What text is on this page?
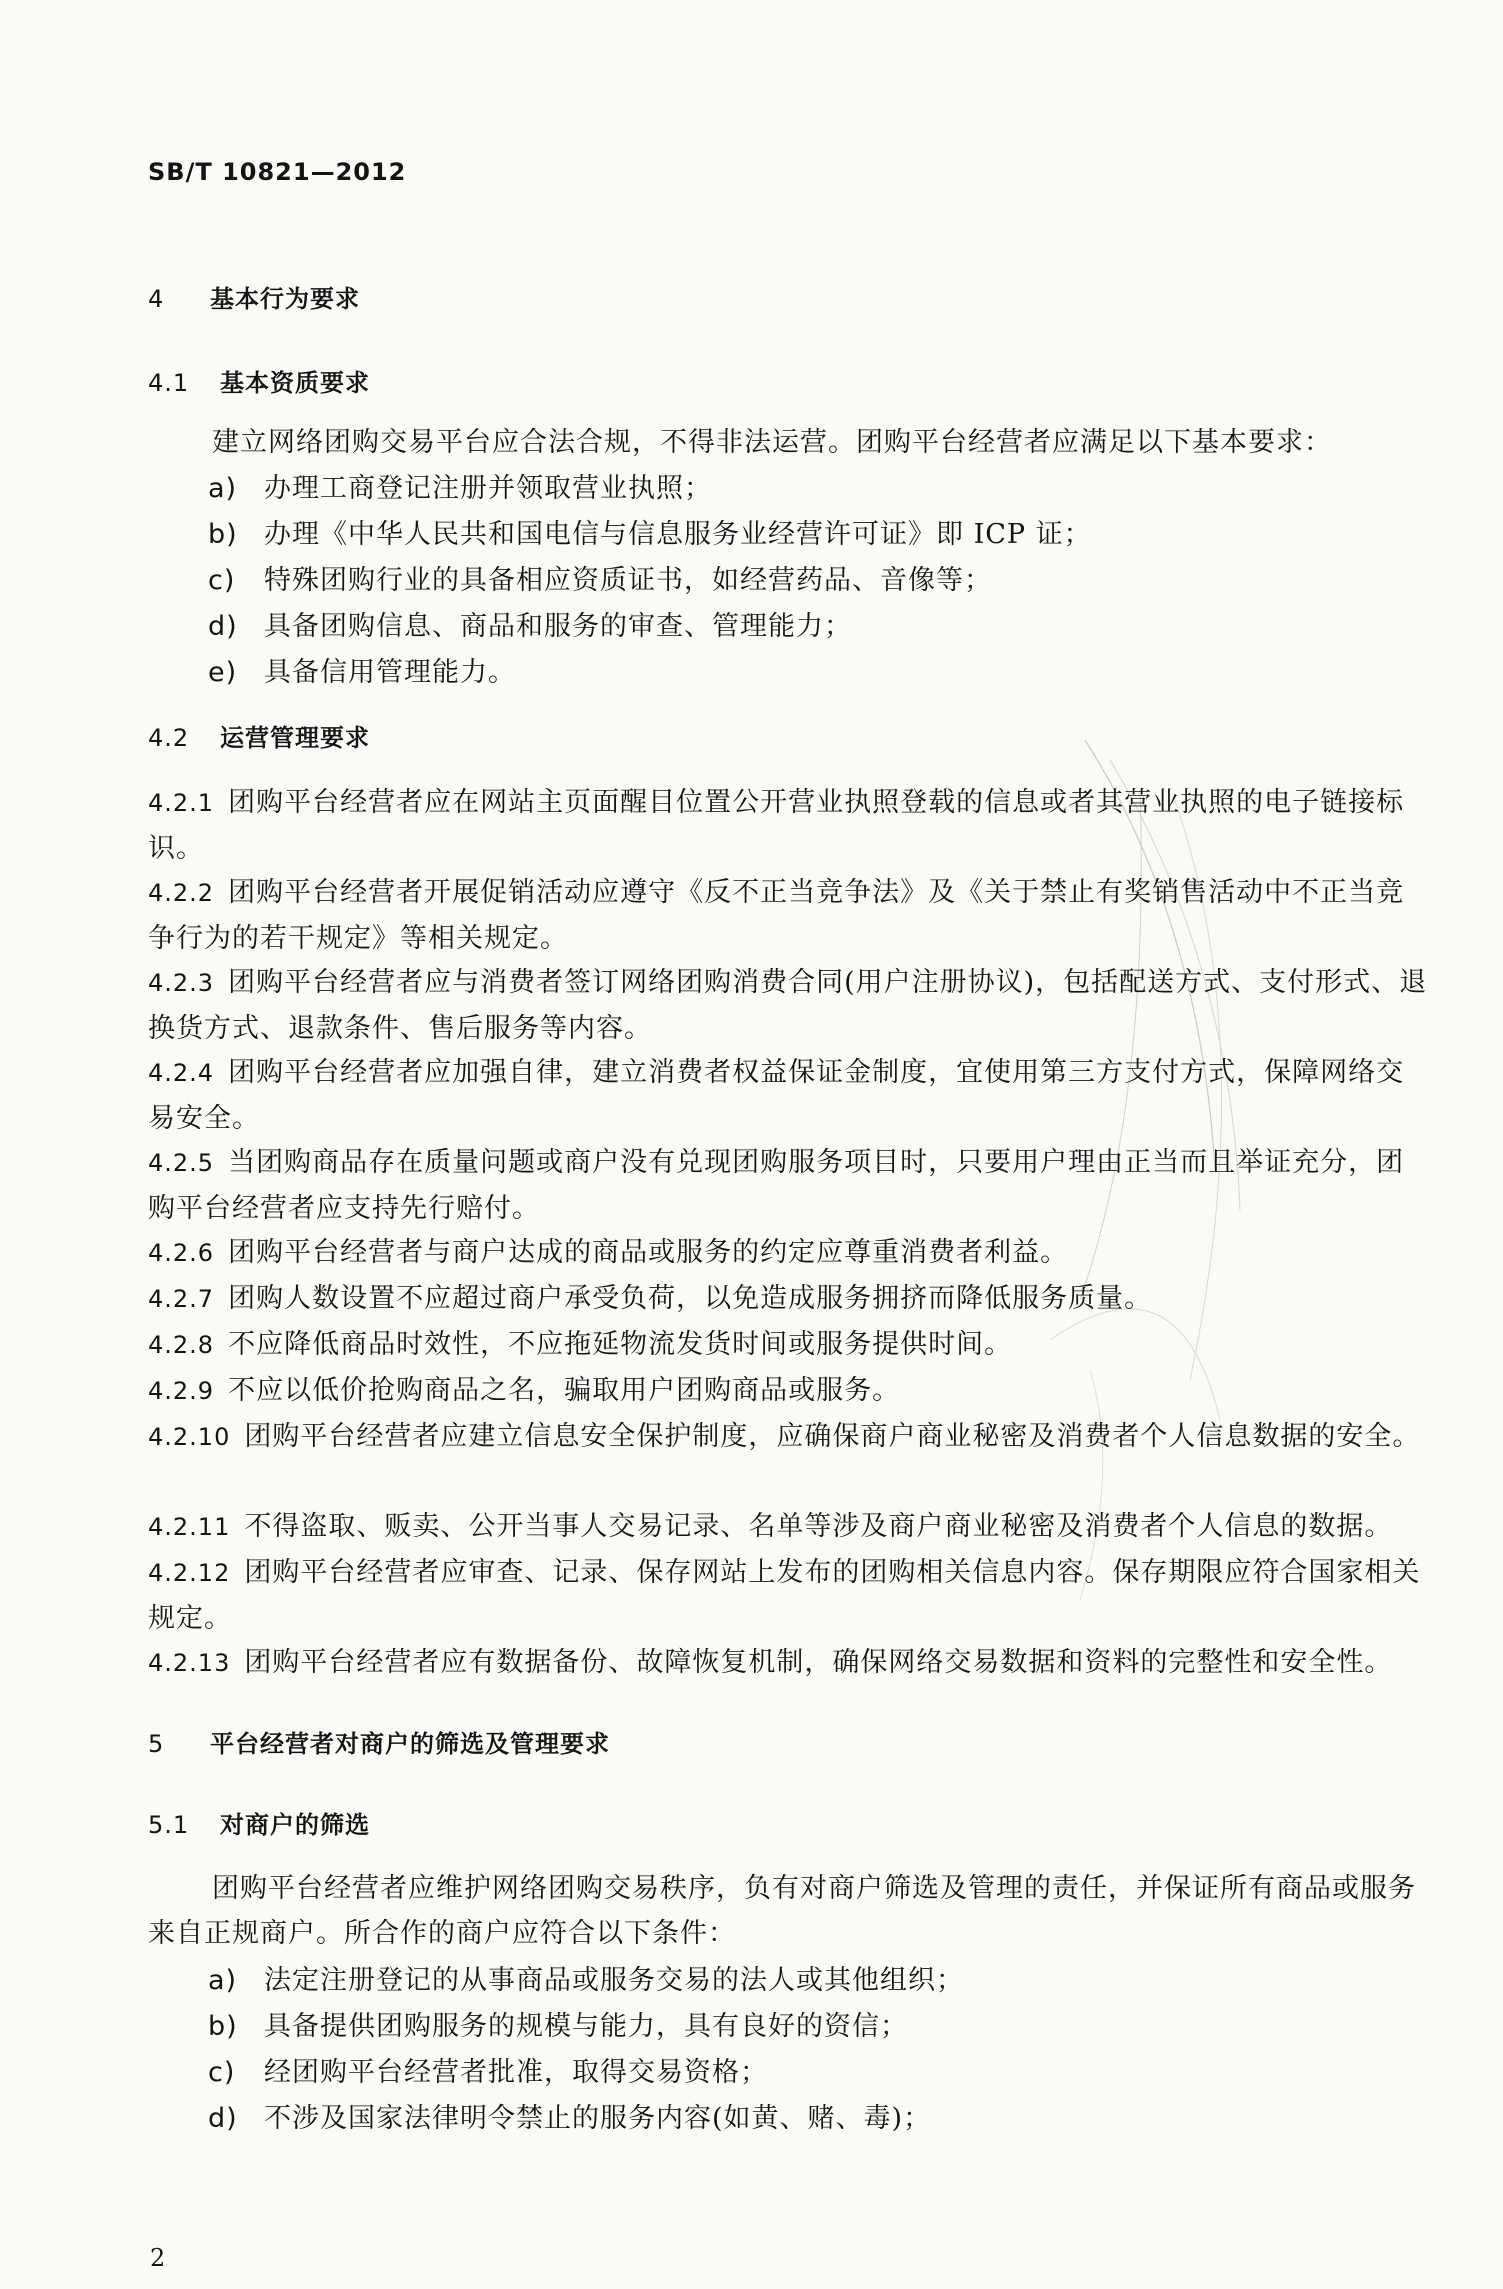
SB/T 10821—2012
4 基本行为要求
4.1 基本资质要求
建立网络团购交易平台应合法合规，不得非法运营。团购平台经营者应满足以下基本要求：
a) 办理工商登记注册并领取营业执照；
b) 办理《中华人民共和国电信与信息服务业经营许可证》即 ICP 证；
c) 特殊团购行业的具备相应资质证书，如经营药品、音像等；
d) 具备团购信息、商品和服务的审查、管理能力；
e) 具备信用管理能力。
4.2 运营管理要求
4.2.1 团购平台经营者应在网站主页面醒目位置公开营业执照登载的信息或者其营业执照的电子链接标识。
4.2.2 团购平台经营者开展促销活动应遵守《反不正当竞争法》及《关于禁止有奖销售活动中不正当竞争行为的若干规定》等相关规定。
4.2.3 团购平台经营者应与消费者签订网络团购消费合同(用户注册协议)，包括配送方式、支付形式、退换货方式、退款条件、售后服务等内容。
4.2.4 团购平台经营者应加强自律，建立消费者权益保证金制度，宜使用第三方支付方式，保障网络交易安全。
4.2.5 当团购商品存在质量问题或商户没有兑现团购服务项目时，只要用户理由正当而且举证充分，团购平台经营者应支持先行赔付。
4.2.6 团购平台经营者与商户达成的商品或服务的约定应尊重消费者利益。
4.2.7 团购人数设置不应超过商户承受负荷，以免造成服务拥挤而降低服务质量。
4.2.8 不应降低商品时效性，不应拖延物流发货时间或服务提供时间。
4.2.9 不应以低价抢购商品之名，骗取用户团购商品或服务。
4.2.10 团购平台经营者应建立信息安全保护制度，应确保商户商业秘密及消费者个人信息数据的安全。
4.2.11 不得盗取、贩卖、公开当事人交易记录、名单等涉及商户商业秘密及消费者个人信息的数据。
4.2.12 团购平台经营者应审查、记录、保存网站上发布的团购相关信息内容。保存期限应符合国家相关规定。
4.2.13 团购平台经营者应有数据备份、故障恢复机制，确保网络交易数据和资料的完整性和安全性。
5 平台经营者对商户的筛选及管理要求
5.1 对商户的筛选
团购平台经营者应维护网络团购交易秩序，负有对商户筛选及管理的责任，并保证所有商品或服务来自正规商户。所合作的商户应符合以下条件：
a) 法定注册登记的从事商品或服务交易的法人或其他组织；
b) 具备提供团购服务的规模与能力，具有良好的资信；
c) 经团购平台经营者批准，取得交易资格；
d) 不涉及国家法律明令禁止的服务内容(如黄、赌、毒)；
2
